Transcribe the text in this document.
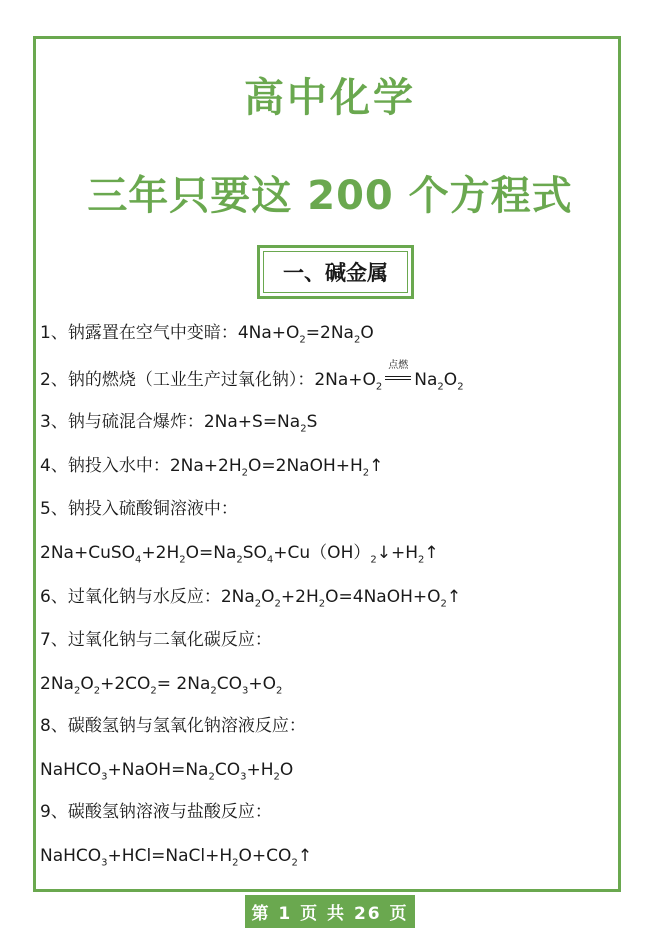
高中化学
三年只要这 200 个方程式
一、碱金属
1、钠露置在空气中变暗：$4Na+O_2=2Na_2O$
2、钠的燃烧（工业生产过氧化钠）：$2Na+O_2$
点燃
$Na_2O_2$
3、钠与硫混合爆炸：$2Na+S=Na_2S$
4、钠投入水中：$2Na+2H_2O=2NaOH+H_2↑$
5、钠投入硫酸铜溶液中：
$2Na+CuSO_4+2H_2O=Na_2SO_4+Cu(OH)_2↓+H_2↑$
6、过氧化钠与水反应：$2Na_2O_2+2H_2O=4NaOH+O_2↑$
7、过氧化钠与二氧化碳反应：
$2Na_2O_2+2CO_2= 2Na_2CO_3+O_2$
8、碳酸氢钠与氢氧化钠溶液反应：
$NaHCO_3+NaOH=Na_2CO_3+H_2O$
9、碳酸氢钠溶液与盐酸反应：
$NaHCO_3+HCl=NaCl+H_2O+CO_2↑$
第 1 页 共 26 页
